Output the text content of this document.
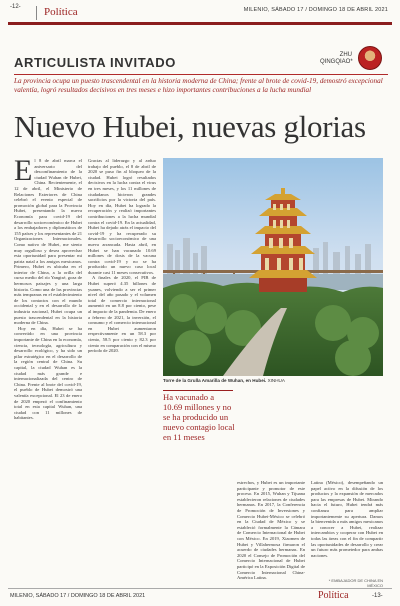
-12- Política	MILENIO, SÁBADO 17 / DOMINGO 18 DE ABRIL 2021
ARTICULISTA INVITADO	ZHU
QINGQIAO*
La provincia ocupa un puesto trascendental en la historia moderna de China; frente al brote de covid-19, demostró excepcional valentía, logró resultados decisivos en tres meses e hizo importantes contribuciones a la lucha mundial
Nuevo Hubei, nuevas glorias
E l 8 de abril marca el aniversario del desconfinamiento de la ciudad Wuhan de Hubei, China. Recientemente, el 12 de abril, el Ministerio de Relaciones Exteriores de China celebró el evento especial de promoción global para la Provincia Hubei, presentando la nueva Economía para covid-19 del desarrollo socioeconómico de Hubei a los embajadores y diplomáticos de 155 países y los representantes de 21 Organizaciones Internacionales. Como nativo de Hubei, me siento muy orgulloso y desea aprovechar esta oportunidad para presentar mi patria natal a los amigos mexicanos. Primero, Hubei es ubicaba en el interior de China, a la orilla del curso medio del río Yangtsé, goza de hermosos paisajes y una larga historia. Como una de las provincias más tempranas en el establecimiento de los contactos con el mundo occidental y en el desarrollo de la industria nacional, Hubei ocupa un puesto trascendental en la historia moderna de China.

Hoy en día, Hubei se ha convertido en una provincia importante de China en la economía, ciencia, tecnología, agricultura y desarrollo ecológico, y ha sido un pilar estratégico en el desarrollo de la región central de China. Su capital, la ciudad Wuhan es la ciudad más grande e internacionalizada del centro de China. Frente al brote del covid-19, el pueblo de Hubei demostró una valentía excepcional. El 23 de enero de 2020 empezó el confinamiento total en esta capital Wuhan, una ciudad con 11 millones de habitantes.

Gracias al liderazgo y al arduo trabajo del pueblo, el 8 de abril de 2020 se puso fin al bloqueo de la ciudad. Hubei logró resultados decisivos en la lucha contra el virus en tres meses, y los 11 millones de ciudadanos hicieron grandes sacrificios por la victoria del país. Hoy en día, Hubei ha logrado la recuperación y realizó importantes contribuciones a la lucha mundial contra el covid-19. En la actualidad, Hubei ha dejado atrás el impacto del covid-19 y ha recuperado su desarrollo socioeconómico de una nueva arrancada. Hasta abril, en Hubei se han vacunado 10.69 millones de dosis de la vacuna contra covid-19 y no se ha producido un nuevo caso local durante casi 11 meses consecutivos.

A finales de 2020, el PIB de Hubei superó 4.35 billones de yuanes, volviendo a ser el primer nivel del año pasado y el volumen total de comercio internacional aumentó en un 8.8 por ciento, pese al impacto de la pandemia. De enero a febrero de 2021, la inversión, el consumo y el comercio internacional en Hubei aumentaron respectivamente en un 58.3 por ciento, 58.5 por ciento y 82.3 por ciento en comparación con el mismo período de 2020.

Torre de la Grulla Amarilla de Wuhan, en Hubei. XINHUA
Ha vacunado a 10.69 millones y no se ha producido un nuevo contagio local en 11 meses

estrechos, y Hubei es un importante participante y promotor de este proceso. En 2015, Wuhan y Tijuana establecieron relaciones de ciudades hermanas. En 2017, la Conferencia de Promoción de Inversiones y Comercio Hubei-México se celebró en la Ciudad de México y se estableció formalmente la Cámara de Comercio Internacional de Hubei con México. En 2019, Xiaomen de Hubei y Villahermosa firmaron el acuerdo de ciudades hermanas. En 2020 el Consejo de Promoción del Comercio Internacional de Hubei participó en la Exposición Digital de Comercio Internacional China-América Latina.

Latina (México), desempeñando un papel activo en la difusión de los productos y la expansión de mercados para las empresas de Hubei. Mirando hacia el futuro, Hubei tendrá más confianza para ampliar importantemente su apertura. Damos la bienvenida a más amigos mexicanos a conocer a Hubei, realizar intercambios y cooperar con Hubei en todas las áreas con el fin de compartir las oportunidades de desarrollo y crear un futuro más prometedor para ambas naciones.

* EMBAJADOR DE CHINA EN MÉXICO
MILENIO, SÁBADO 17 / DOMINGO 18 DE ABRIL 2021	Política	-13-
